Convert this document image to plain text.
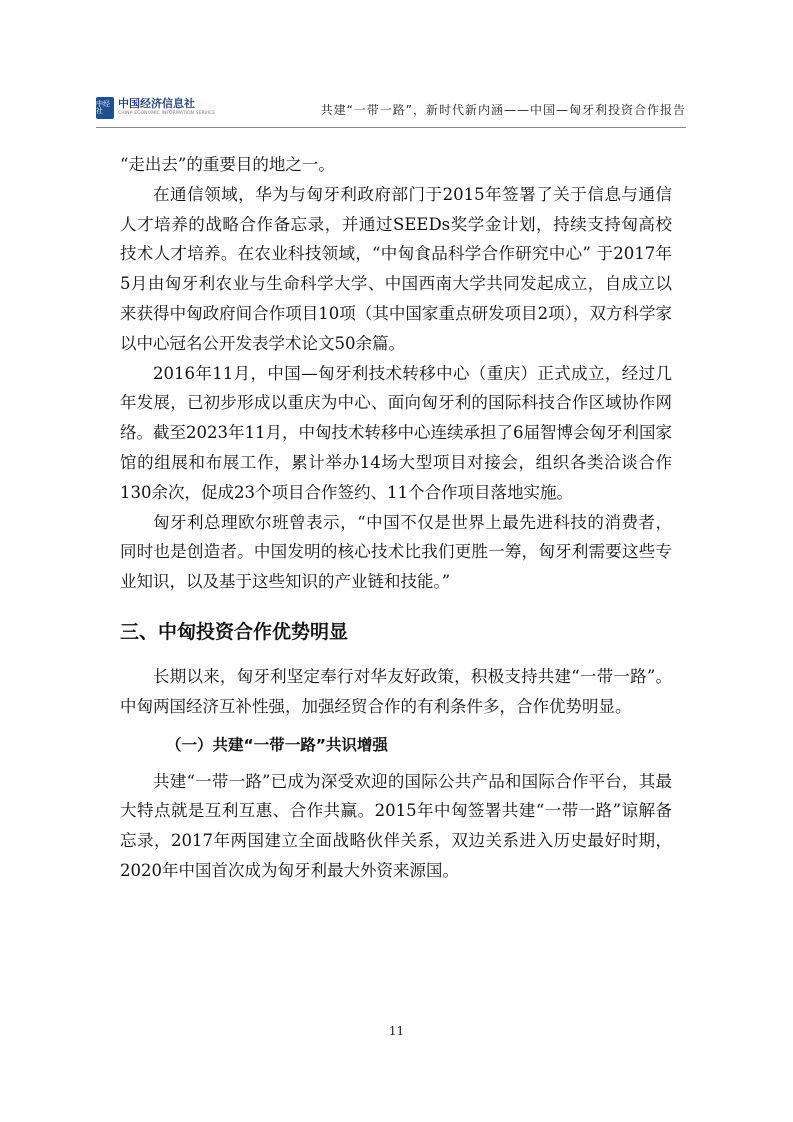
中经社
中国经济信息社
CHINA ECONOMIC INFORMATION SERVICE	共建“一带一路”，新时代新内涵——中国—匈牙利投资合作报告

“走出去”的重要目的地之一。

在通信领域，华为与匈牙利政府部门于2015年签署了关于信息与通信人才培养的战略合作备忘录，并通过SEEDs奖学金计划，持续支持匈高校技术人才培养。在农业科技领域，“中匈食品科学合作研究中心” 于2017年5月由匈牙利农业与生命科学大学、中国西南大学共同发起成立，自成立以来获得中匈政府间合作项目10项（其中国家重点研发项目2项），双方科学家以中心冠名公开发表学术论文50余篇。

2016年11月，中国—匈牙利技术转移中心（重庆）正式成立，经过几年发展，已初步形成以重庆为中心、面向匈牙利的国际科技合作区域协作网络。截至2023年11月，中匈技术转移中心连续承担了6届智博会匈牙利国家馆的组展和布展工作，累计举办14场大型项目对接会，组织各类洽谈合作130余次，促成23个项目合作签约、11个合作项目落地实施。

匈牙利总理欧尔班曾表示，“中国不仅是世界上最先进科技的消费者，同时也是创造者。中国发明的核心技术比我们更胜一筹，匈牙利需要这些专业知识，以及基于这些知识的产业链和技能。”

三、中匈投资合作优势明显

长期以来，匈牙利坚定奉行对华友好政策，积极支持共建“一带一路”。中匈两国经济互补性强，加强经贸合作的有利条件多，合作优势明显。

（一）共建“一带一路”共识增强

共建“一带一路”已成为深受欢迎的国际公共产品和国际合作平台，其最大特点就是互利互惠、合作共赢。2015年中匈签署共建“一带一路”谅解备忘录，2017年两国建立全面战略伙伴关系，双边关系进入历史最好时期，2020年中国首次成为匈牙利最大外资来源国。

11
